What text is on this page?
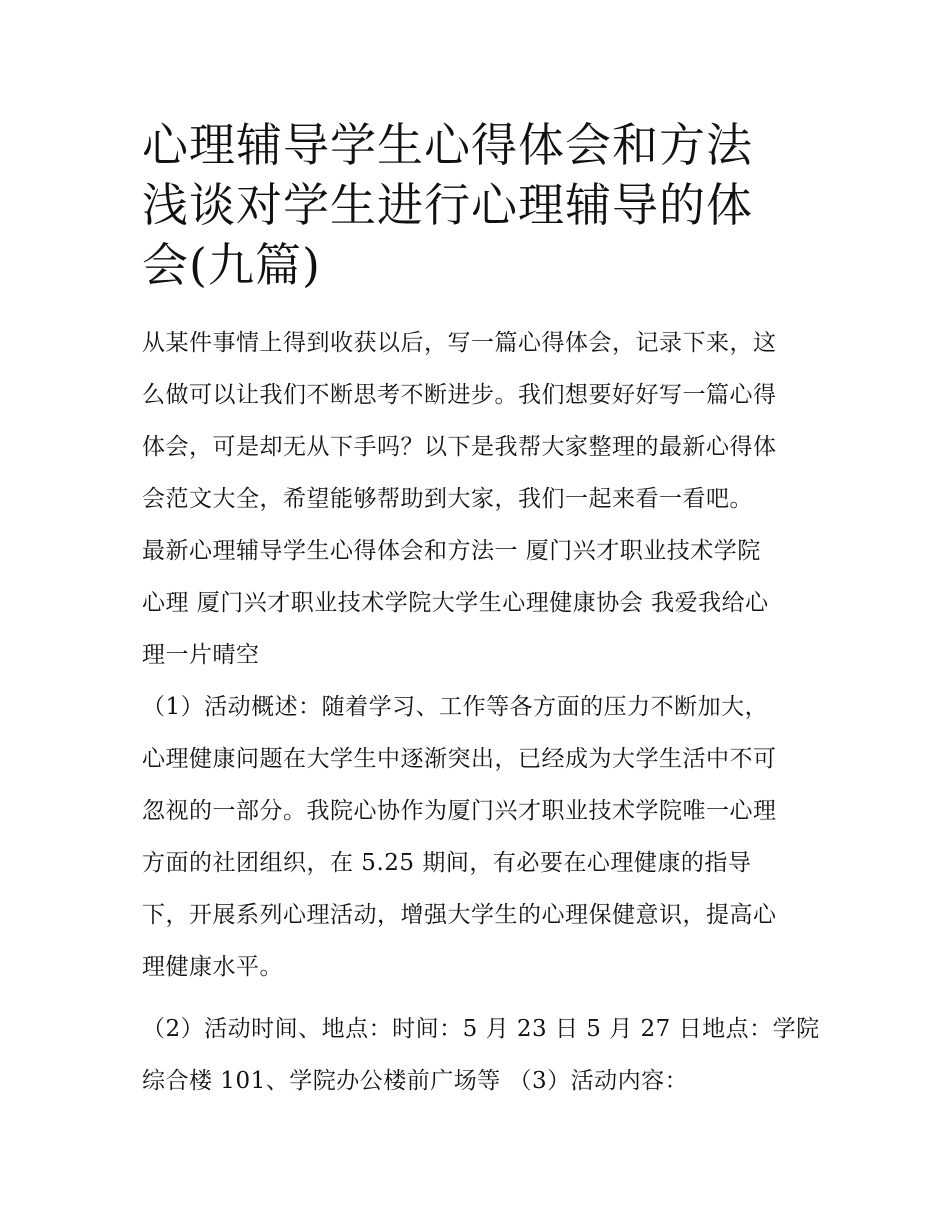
心理辅导学生心得体会和方法
浅谈对学生进行心理辅导的体
会(九篇)
从某件事情上得到收获以后，写一篇心得体会，记录下来，这
么做可以让我们不断思考不断进步。我们想要好好写一篇心得
体会，可是却无从下手吗？以下是我帮大家整理的最新心得体
会范文大全，希望能够帮助到大家，我们一起来看一看吧。
最新心理辅导学生心得体会和方法一 厦门兴才职业技术学院
心理 厦门兴才职业技术学院大学生心理健康协会 我爱我给心
理一片晴空
（1）活动概述：随着学习、工作等各方面的压力不断加大，
心理健康问题在大学生中逐渐突出，已经成为大学生活中不可
忽视的一部分。我院心协作为厦门兴才职业技术学院唯一心理
方面的社团组织，在 5.25 期间，有必要在心理健康的指导
下，开展系列心理活动，增强大学生的心理保健意识，提高心
理健康水平。
（2）活动时间、地点：时间：5 月 23 日 5 月 27 日地点：学院
综合楼 101、学院办公楼前广场等 （3）活动内容：
